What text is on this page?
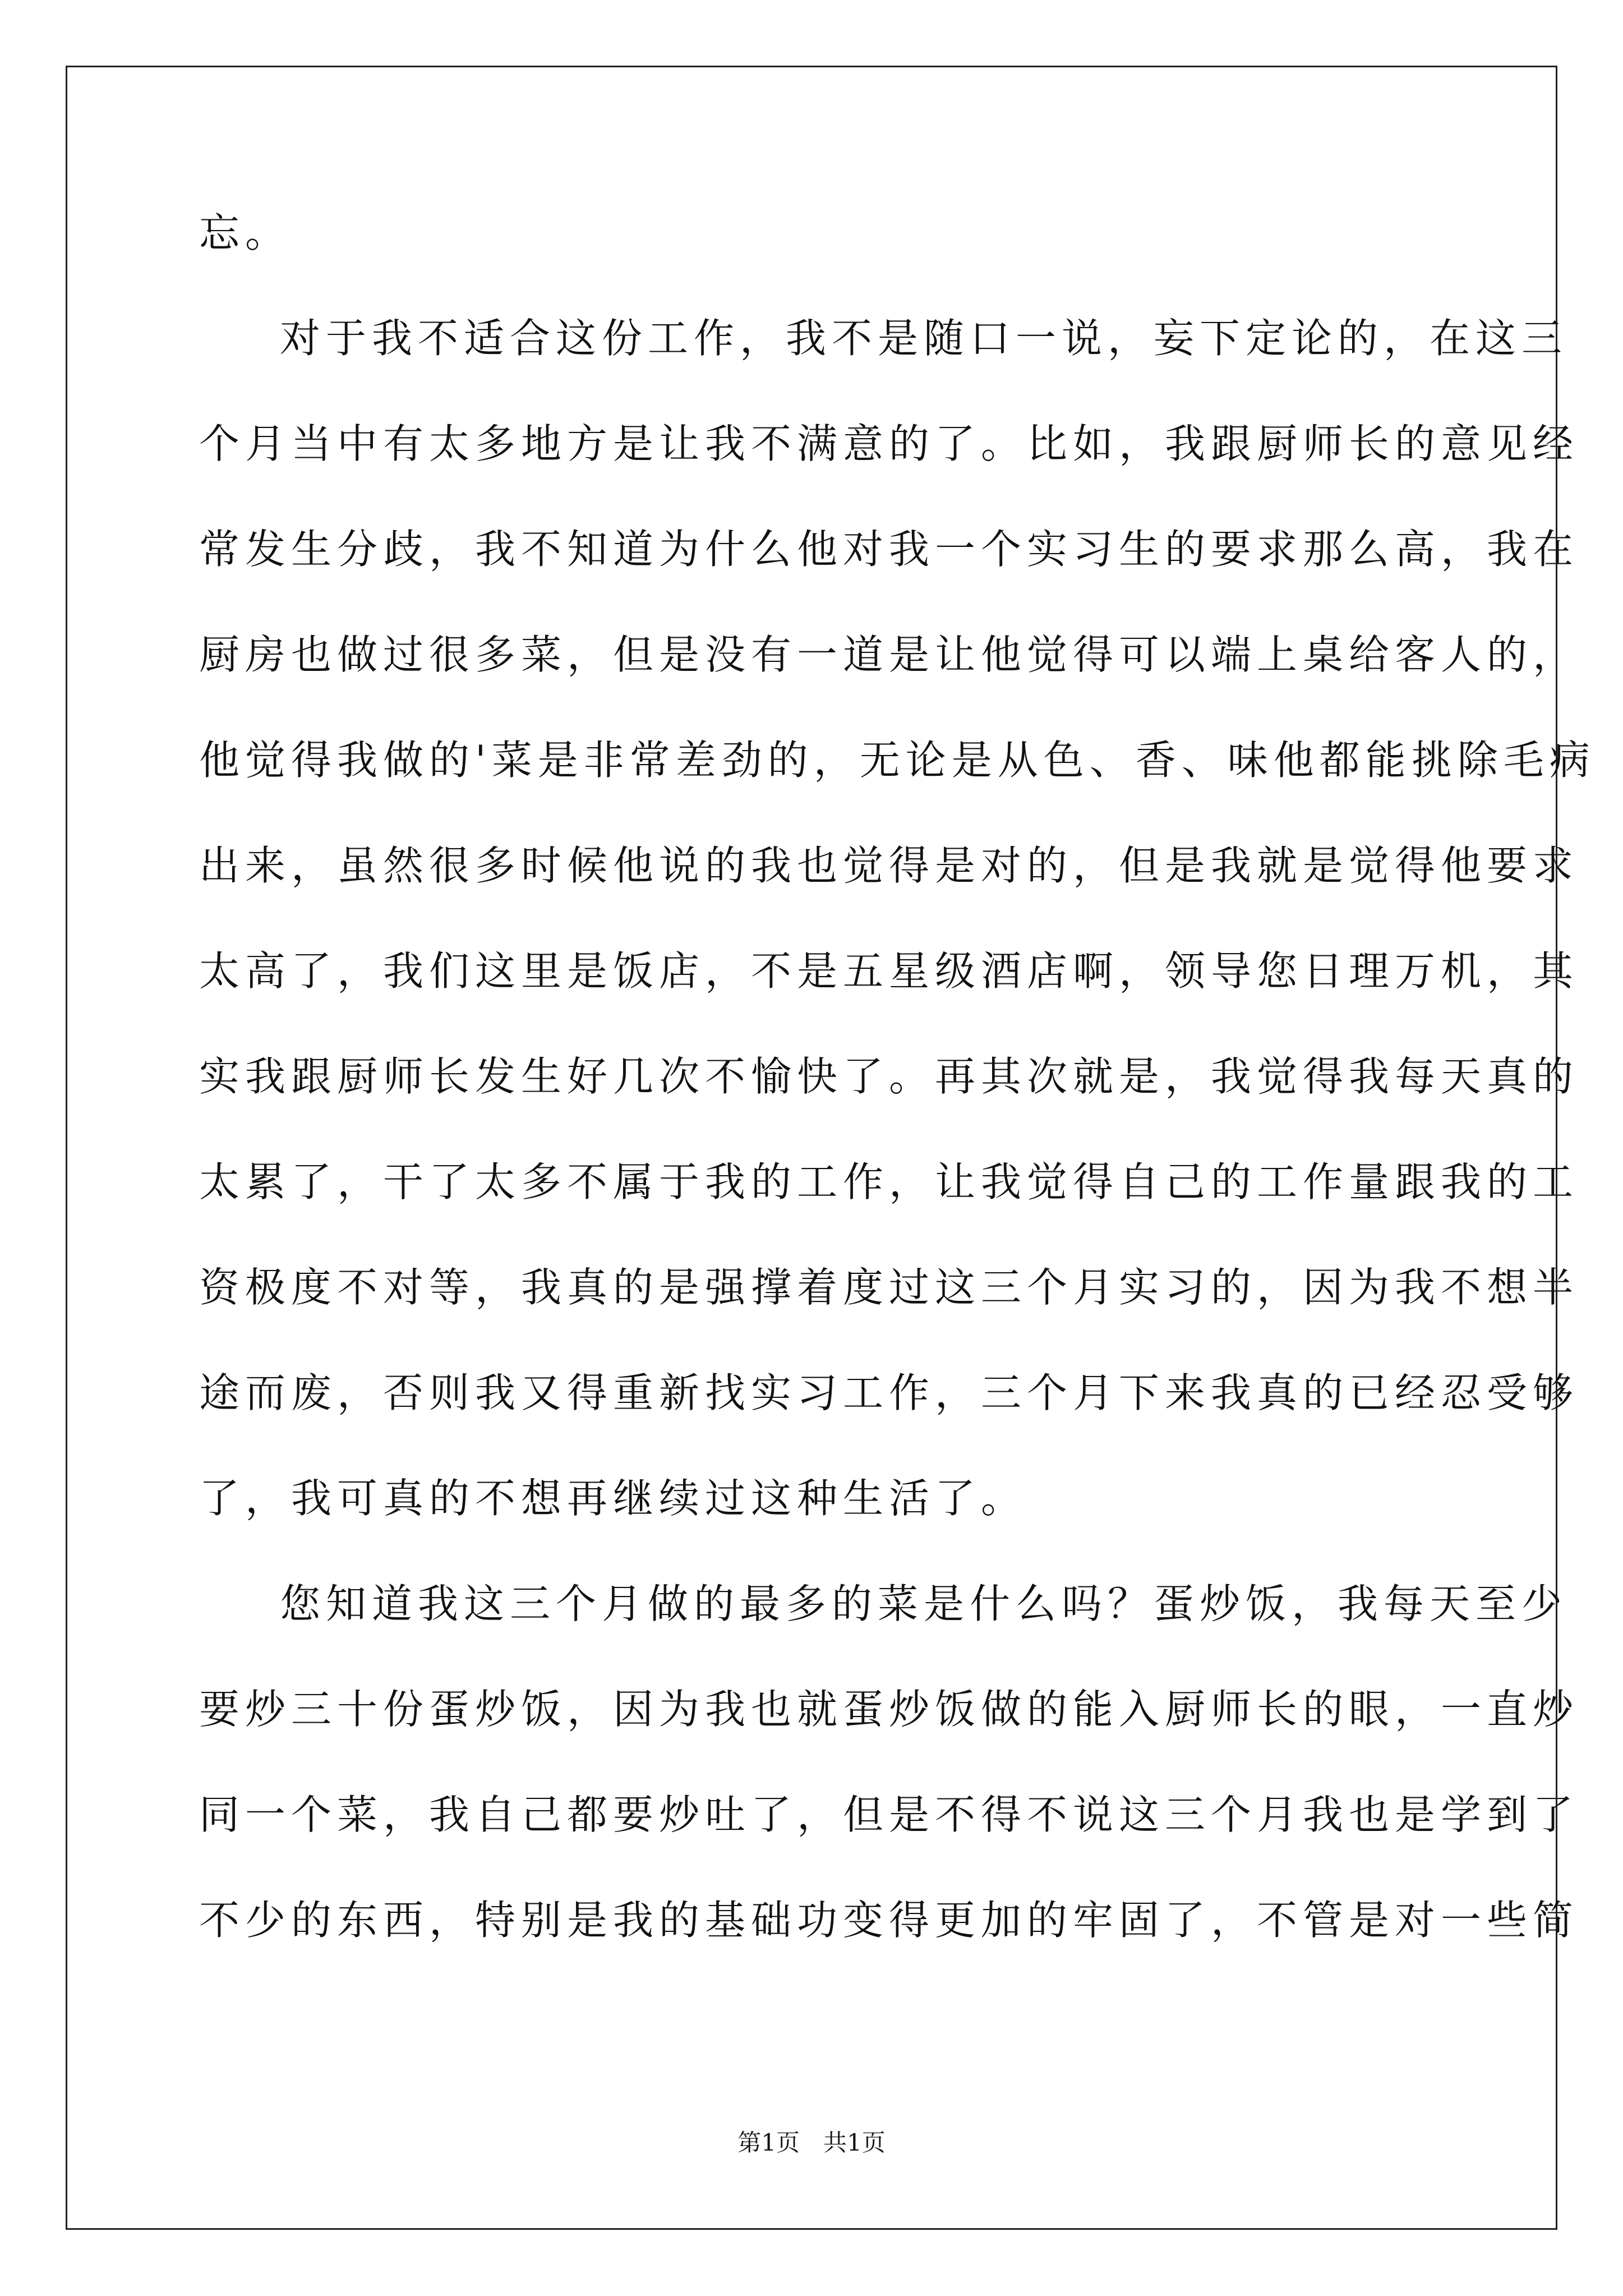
忘。
对于我不适合这份工作，我不是随口一说，妄下定论的，在这三
个月当中有太多地方是让我不满意的了。比如，我跟厨师长的意见经
常发生分歧，我不知道为什么他对我一个实习生的要求那么高，我在
厨房也做过很多菜，但是没有一道是让他觉得可以端上桌给客人的，
他觉得我做的'菜是非常差劲的，无论是从色、香、味他都能挑除毛病
出来，虽然很多时候他说的我也觉得是对的，但是我就是觉得他要求
太高了，我们这里是饭店，不是五星级酒店啊，领导您日理万机，其
实我跟厨师长发生好几次不愉快了。再其次就是，我觉得我每天真的
太累了，干了太多不属于我的工作，让我觉得自己的工作量跟我的工
资极度不对等，我真的是强撑着度过这三个月实习的，因为我不想半
途而废，否则我又得重新找实习工作，三个月下来我真的已经忍受够
了，我可真的不想再继续过这种生活了。
您知道我这三个月做的最多的菜是什么吗？蛋炒饭，我每天至少
要炒三十份蛋炒饭，因为我也就蛋炒饭做的能入厨师长的眼，一直炒
同一个菜，我自己都要炒吐了，但是不得不说这三个月我也是学到了
不少的东西，特别是我的基础功变得更加的牢固了，不管是对一些简
第1页　共1页
